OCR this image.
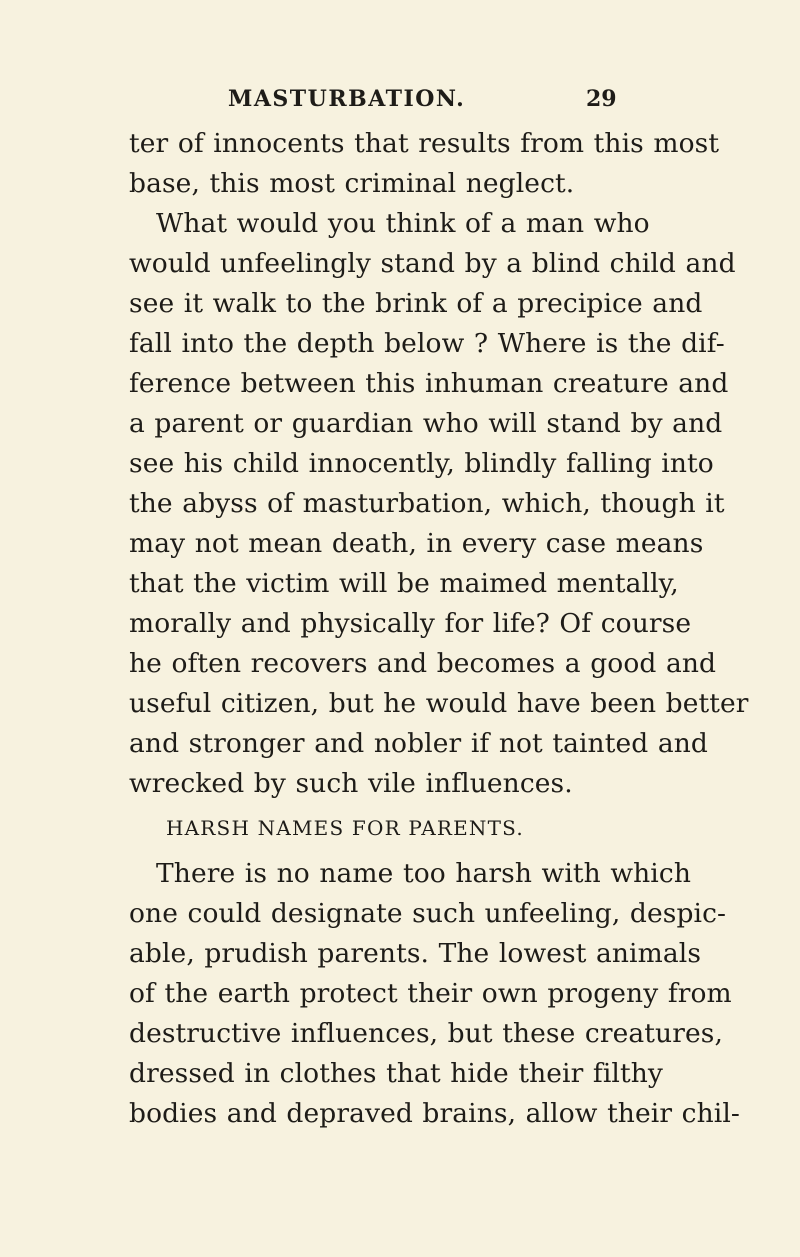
MASTURBATION.	29
ter of innocents that results from this most
base, this most criminal neglect.
What would you think of a man who
would unfeelingly stand by a blind child and
see it walk to the brink of a precipice and
fall into the depth below ? Where is the dif-
ference between this inhuman creature and
a parent or guardian who will stand by and
see his child innocently, blindly falling into
the abyss of masturbation, which, though it
may not mean death, in every case means
that the victim will be maimed mentally,
morally and physically for life? Of course
he often recovers and becomes a good and
useful citizen, but he would have been better
and stronger and nobler if not tainted and
wrecked by such vile influences.
HARSH NAMES FOR PARENTS.
There is no name too harsh with which
one could designate such unfeeling, despic-
able, prudish parents. The lowest animals
of the earth protect their own progeny from
destructive influences, but these creatures,
dressed in clothes that hide their filthy
bodies and depraved brains, allow their chil-
